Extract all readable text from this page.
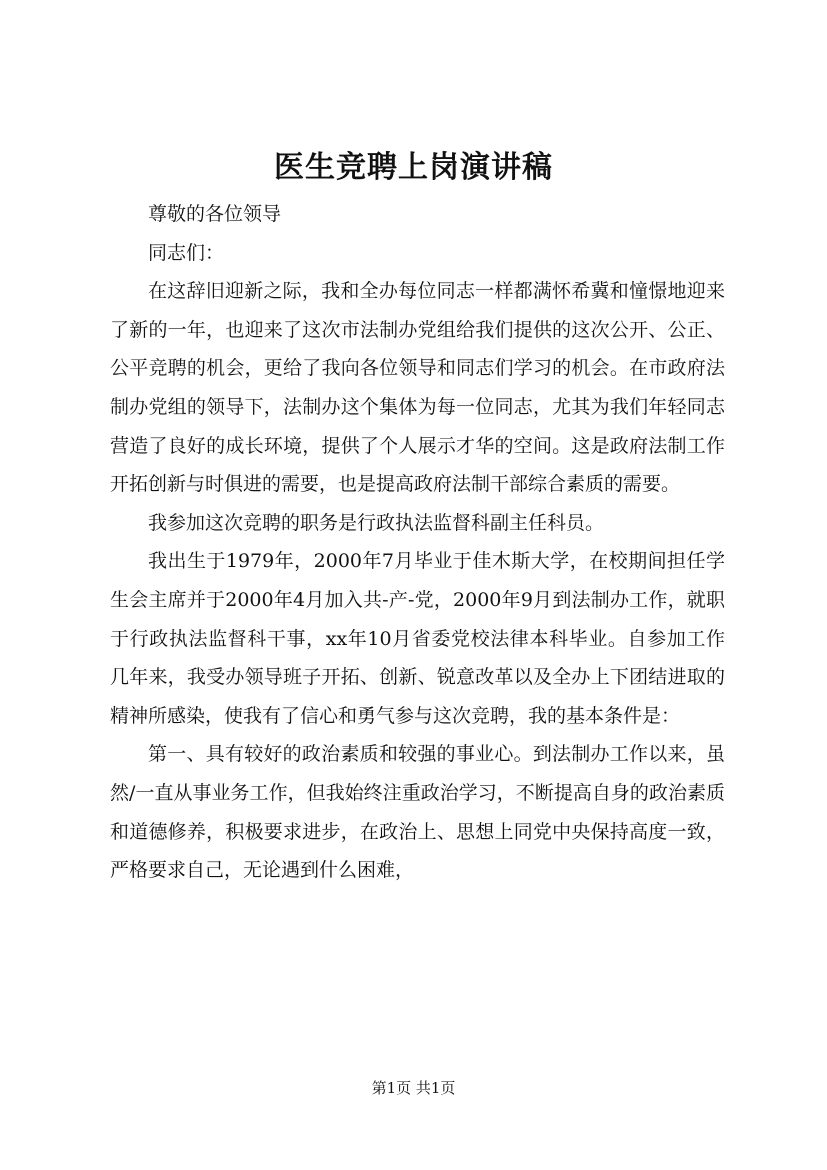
医生竞聘上岗演讲稿

尊敬的各位领导

同志们：

在这辞旧迎新之际，我和全办每位同志一样都满怀希冀和憧憬地迎来了新的一年，也迎来了这次市法制办党组给我们提供的这次公开、公正、公平竞聘的机会，更给了我向各位领导和同志们学习的机会。在市政府法制办党组的领导下，法制办这个集体为每一位同志，尤其为我们年轻同志营造了良好的成长环境，提供了个人展示才华的空间。这是政府法制工作开拓创新与时俱进的需要，也是提高政府法制干部综合素质的需要。

我参加这次竞聘的职务是行政执法监督科副主任科员。

我出生于1979年，2000年7月毕业于佳木斯大学，在校期间担任学生会主席并于2000年4月加入共-产-党，2000年9月到法制办工作，就职于行政执法监督科干事，xx年10月省委党校法律本科毕业。自参加工作几年来，我受办领导班子开拓、创新、锐意改革以及全办上下团结进取的精神所感染，使我有了信心和勇气参与这次竞聘，我的基本条件是：

第一、具有较好的政治素质和较强的事业心。到法制办工作以来，虽然/一直从事业务工作，但我始终注重政治学习，不断提高自身的政治素质和道德修养，积极要求进步，在政治上、思想上同党中央保持高度一致，严格要求自己，无论遇到什么困难，

第1页 共1页
